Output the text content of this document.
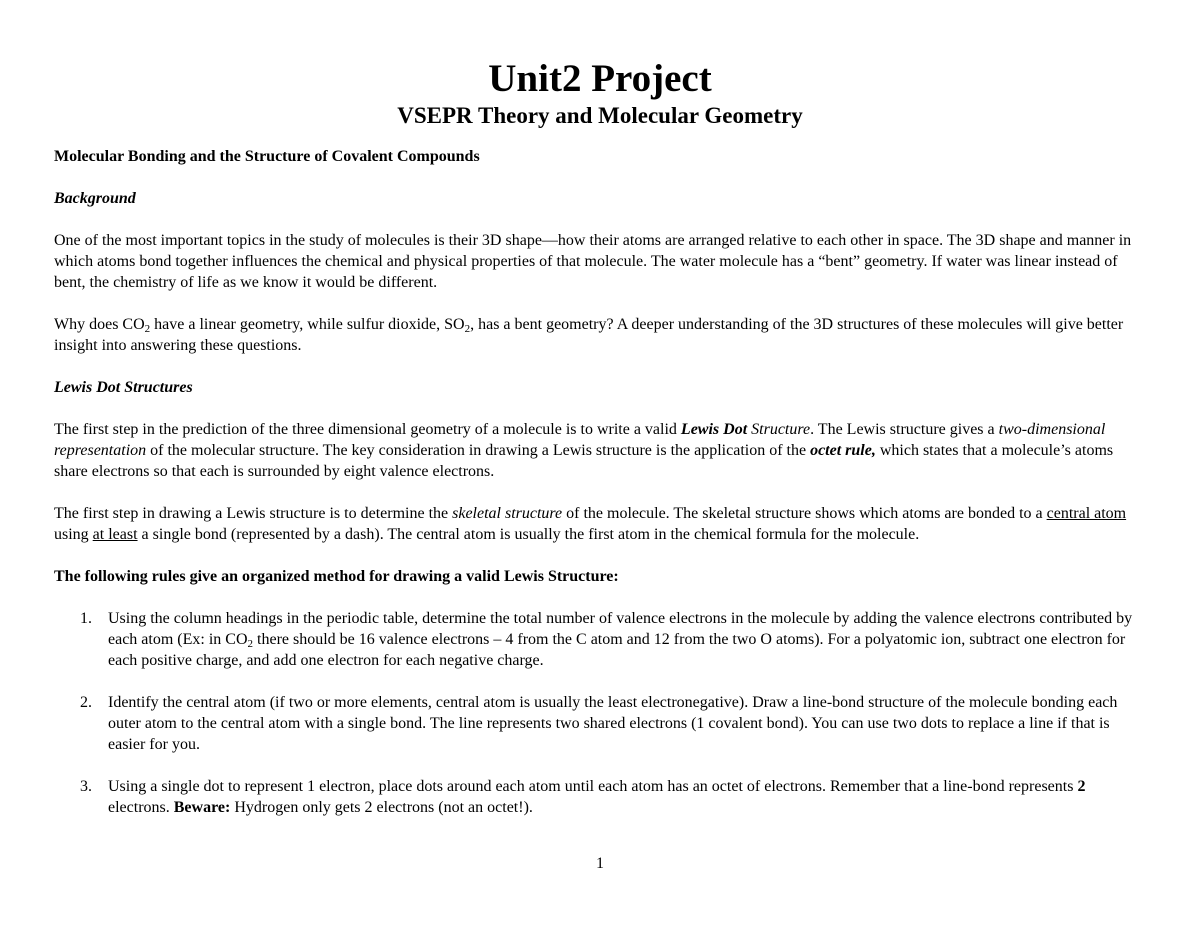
Unit2 Project
VSEPR Theory and Molecular Geometry

Molecular Bonding and the Structure of Covalent Compounds

Background

One of the most important topics in the study of molecules is their 3D shape—how their atoms are arranged relative to each other in space. The 3D shape and manner in which atoms bond together influences the chemical and physical properties of that molecule. The water molecule has a “bent” geometry. If water was linear instead of bent, the chemistry of life as we know it would be different.

Why does $CO_2$ have a linear geometry, while sulfur dioxide, $SO_2$, has a bent geometry? A deeper understanding of the 3D structures of these molecules will give better insight into answering these questions.

Lewis Dot Structures

The first step in the prediction of the three dimensional geometry of a molecule is to write a valid Lewis Dot Structure. The Lewis structure gives a two-dimensional representation of the molecular structure. The key consideration in drawing a Lewis structure is the application of the octet rule, which states that a molecule’s atoms share electrons so that each is surrounded by eight valence electrons.

The first step in drawing a Lewis structure is to determine the skeletal structure of the molecule. The skeletal structure shows which atoms are bonded to a central atom using at least a single bond (represented by a dash). The central atom is usually the first atom in the chemical formula for the molecule.

The following rules give an organized method for drawing a valid Lewis Structure:

1. Using the column headings in the periodic table, determine the total number of valence electrons in the molecule by adding the valence electrons contributed by each atom (Ex: in $CO_2$ there should be 16 valence electrons – 4 from the C atom and 12 from the two O atoms). For a polyatomic ion, subtract one electron for each positive charge, and add one electron for each negative charge.
2. Identify the central atom (if two or more elements, central atom is usually the least electronegative). Draw a line-bond structure of the molecule bonding each outer atom to the central atom with a single bond. The line represents two shared electrons (1 covalent bond). You can use two dots to replace a line if that is easier for you.
3. Using a single dot to represent 1 electron, place dots around each atom until each atom has an octet of electrons. Remember that a line-bond represents 2 electrons. Beware: Hydrogen only gets 2 electrons (not an octet!).
1
